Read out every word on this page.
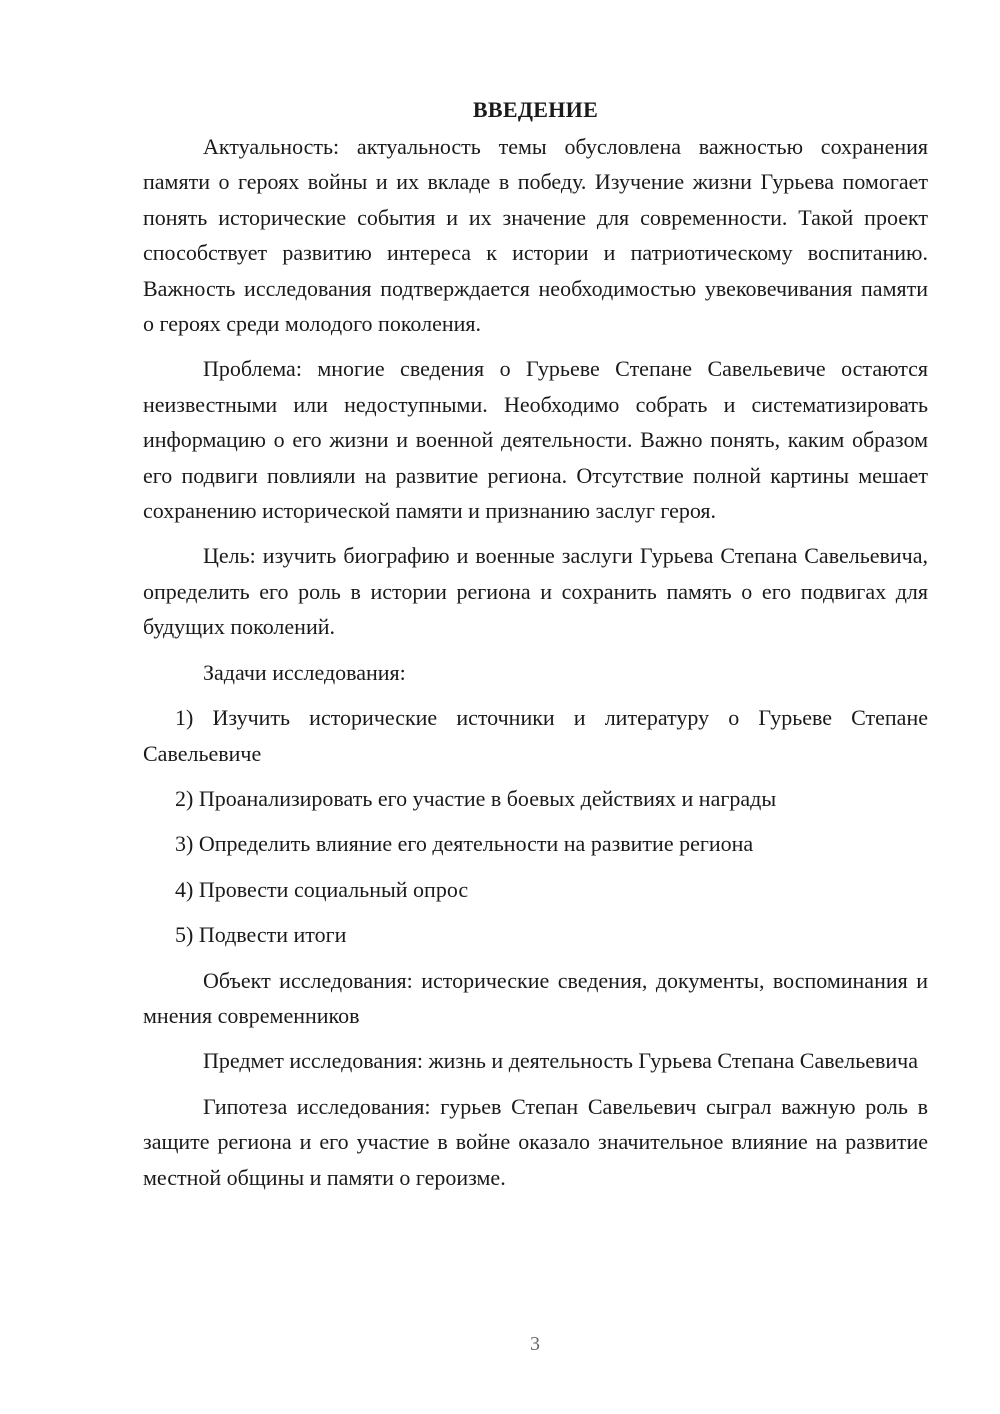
ВВЕДЕНИЕ

Актуальность: актуальность темы обусловлена важностью сохранения памяти о героях войны и их вкладе в победу. Изучение жизни Гурьева помогает понять исторические события и их значение для современности. Такой проект способствует развитию интереса к истории и патриотическому воспитанию. Важность исследования подтверждается необходимостью увековечивания памяти о героях среди молодого поколения.

Проблема: многие сведения о Гурьеве Степане Савельевиче остаются неизвестными или недоступными. Необходимо собрать и систематизировать информацию о его жизни и военной деятельности. Важно понять, каким образом его подвиги повлияли на развитие региона. Отсутствие полной картины мешает сохранению исторической памяти и признанию заслуг героя.

Цель: изучить биографию и военные заслуги Гурьева Степана Савельевича, определить его роль в истории региона и сохранить память о его подвигах для будущих поколений.

Задачи исследования:

1) Изучить исторические источники и литературу о Гурьеве Степане Савельевиче

2) Проанализировать его участие в боевых действиях и награды

3) Определить влияние его деятельности на развитие региона

4) Провести социальный опрос

5) Подвести итоги

Объект исследования: исторические сведения, документы, воспоминания и мнения современников

Предмет исследования: жизнь и деятельность Гурьева Степана Савельевича

Гипотеза исследования: гурьев Степан Савельевич сыграл важную роль в защите региона и его участие в войне оказало значительное влияние на развитие местной общины и памяти о героизме.

3
